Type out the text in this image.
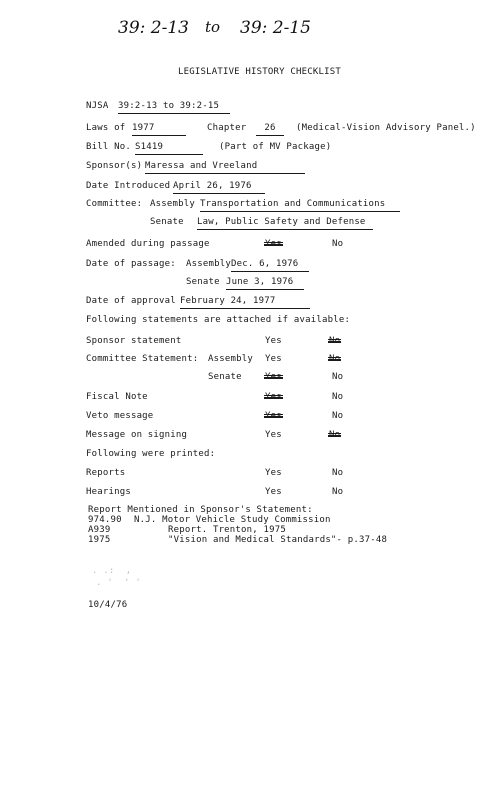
39: 2-13 to 39: 2-15
LEGISLATIVE HISTORY CHECKLIST
NJSA 39:2-13 to 39:2-15
Laws of 1977	Chapter	26	(Medical-Vision Advisory Panel.)
Bill No. S1419	(Part of MV Package)
Sponsor(s) Maressa and Vreeland
Date Introduced April 26, 1976
Committee: Assembly Transportation and Communications
Senate Law, Public Safety and Defense
Amended during passage	Yes	No
Date of passage: Assembly Dec. 6, 1976
Senate June 3, 1976
Date of approval February 24, 1977
Following statements are attached if available:
Sponsor statement	Yes	No
Committee Statement: Assembly Yes	No
Senate	Yes	No
Fiscal Note	Yes	No
Veto message	Yes	No
Message on signing	Yes	No
Following were printed:
Reports	Yes	No
Hearings	Yes	No
Report Mentioned in Sponsor's Statement:
974.90 N.J. Motor Vehicle Study Commission
A939	Report. Trenton, 1975
1975	"Vision and Medical Standards"- p.37-48
. .:  ,
. '  ' '
10/4/76
